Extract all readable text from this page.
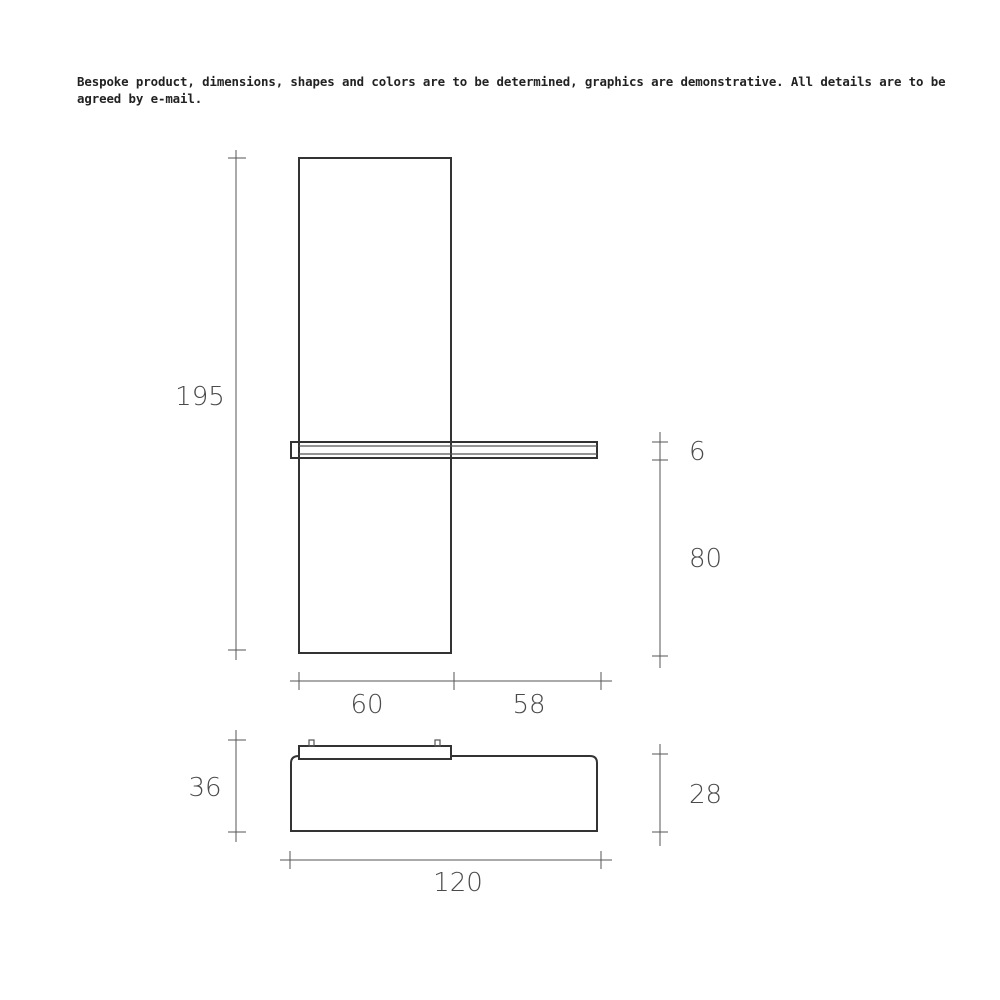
Bespoke product, dimensions, shapes and colors are to be determined, graphics are demonstrative. All details are to be agreed by e-mail.
195
6
80
60	58
36	28
120
